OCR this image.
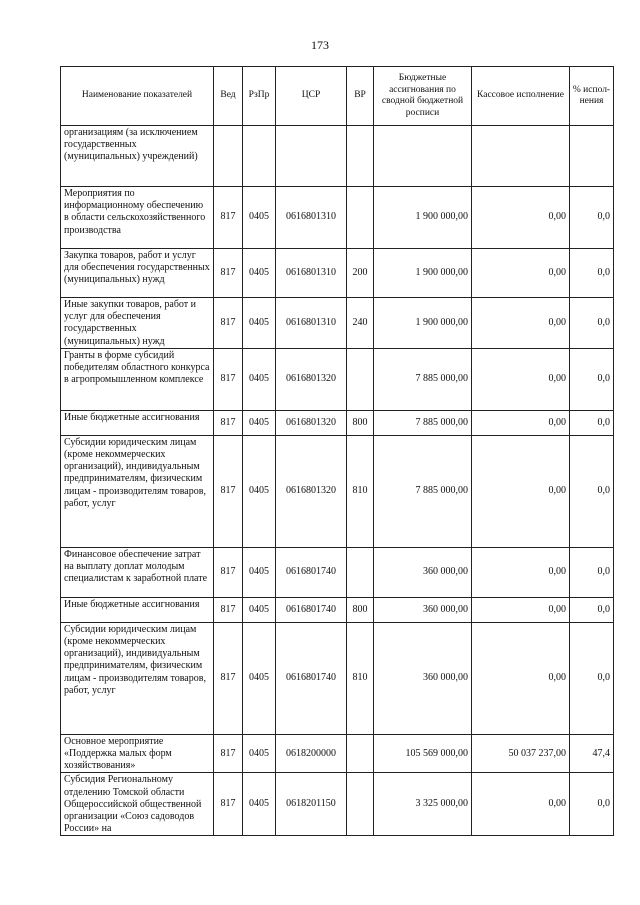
173
Наименование показателей	Вед	РзПр	ЦСР	ВР	Бюджетные ассигнования по сводной бюджетной росписи	Кассовое исполнение	% испол-нения
организациям (за исключением государственных (муниципальных) учреждений)							
Мероприятия по информационному обеспечению в области сельскохозяйственного производства	817	0405	0616801310		1 900 000,00	0,00	0,0
Закупка товаров, работ и услуг для обеспечения государственных (муниципальных) нужд	817	0405	0616801310	200	1 900 000,00	0,00	0,0
Иные закупки товаров, работ и услуг для обеспечения государственных (муниципальных) нужд	817	0405	0616801310	240	1 900 000,00	0,00	0,0
Гранты в форме субсидий победителям областного конкурса в агропромышленном комплексе	817	0405	0616801320		7 885 000,00	0,00	0,0
Иные бюджетные ассигнования	817	0405	0616801320	800	7 885 000,00	0,00	0,0
Субсидии юридическим лицам (кроме некоммерческих организаций), индивидуальным предпринимателям, физическим лицам - производителям товаров, работ, услуг	817	0405	0616801320	810	7 885 000,00	0,00	0,0
Финансовое обеспечение затрат на выплату доплат молодым специалистам к заработной плате	817	0405	0616801740		360 000,00	0,00	0,0
Иные бюджетные ассигнования	817	0405	0616801740	800	360 000,00	0,00	0,0
Субсидии юридическим лицам (кроме некоммерческих организаций), индивидуальным предпринимателям, физическим лицам - производителям товаров, работ, услуг	817	0405	0616801740	810	360 000,00	0,00	0,0
Основное мероприятие «Поддержка малых форм хозяйствования»	817	0405	0618200000		105 569 000,00	50 037 237,00	47,4
Субсидия Региональному отделению Томской области Общероссийской общественной организации «Союз садоводов России» на	817	0405	0618201150		3 325 000,00	0,00	0,0
